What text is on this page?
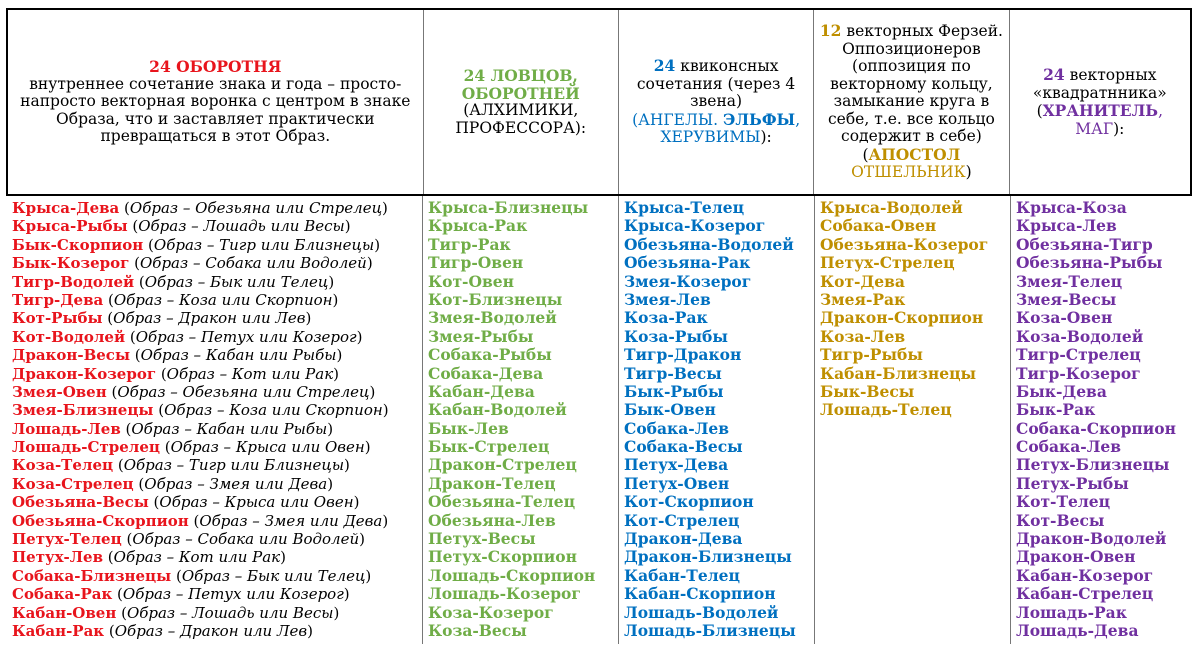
24 ОБОРОТНЯ
внутреннее сочетание знака и года – просто-напросто векторная воронка с центром в знаке Образа, что и заставляет практически превращаться в этот Образ.
24 ЛОВЦОВ, ОБОРОТНЕЙ
(АЛХИМИКИ, ПРОФЕССОРА):
24 квиконсных сочетания (через 4 звена)
(АНГЕЛЫ. ЭЛЬФЫ, ХЕРУВИМЫ):
12 векторных Ферзей. Оппозиционеров (оппозиция по векторному кольцу, замыкание круга в себе, т.е. все кольцо содержит в себе)
(АПОСТОЛ
ОТШЕЛЬНИК)
24 векторных «квадратнника»
(ХРАНИТЕЛЬ, МАГ):
Крыса-Дева (Образ – Обезьяна или Стрелец)
Крыса-Рыбы (Образ – Лошадь или Весы)
Бык-Скорпион (Образ – Тигр или Близнецы)
Бык-Козерог (Образ – Собака или Водолей)
Тигр-Водолей (Образ – Бык или Телец)
Тигр-Дева (Образ – Коза или Скорпион)
Кот-Рыбы (Образ – Дракон или Лев)
Кот-Водолей (Образ – Петух или Козерог)
Дракон-Весы (Образ – Кабан или Рыбы)
Дракон-Козерог (Образ – Кот или Рак)
Змея-Овен (Образ – Обезьяна или Стрелец)
Змея-Близнецы (Образ – Коза или Скорпион)
Лошадь-Лев (Образ – Кабан или Рыбы)
Лошадь-Стрелец (Образ – Крыса или Овен)
Коза-Телец (Образ – Тигр или Близнецы)
Коза-Стрелец (Образ – Змея или Дева)
Обезьяна-Весы (Образ – Крыса или Овен)
Обезьяна-Скорпион (Образ – Змея или Дева)
Петух-Телец (Образ – Собака или Водолей)
Петух-Лев (Образ – Кот или Рак)
Собака-Близнецы (Образ – Бык или Телец)
Собака-Рак (Образ – Петух или Козерог)
Кабан-Овен (Образ – Лошадь или Весы)
Кабан-Рак (Образ – Дракон или Лев)
Крыса-Близнецы
Крыса-Рак
Тигр-Рак
Тигр-Овен
Кот-Овен
Кот-Близнецы
Змея-Водолей
Змея-Рыбы
Собака-Рыбы
Собака-Дева
Кабан-Дева
Кабан-Водолей
Бык-Лев
Бык-Стрелец
Дракон-Стрелец
Дракон-Телец
Обезьяна-Телец
Обезьяна-Лев
Петух-Весы
Петух-Скорпион
Лошадь-Скорпион
Лошадь-Козерог
Коза-Козерог
Коза-Весы
Крыса-Телец
Крыса-Козерог
Обезьяна-Водолей
Обезьяна-Рак
Змея-Козерог
Змея-Лев
Коза-Рак
Коза-Рыбы
Тигр-Дракон
Тигр-Весы
Бык-Рыбы
Бык-Овен
Собака-Лев
Собака-Весы
Петух-Дева
Петух-Овен
Кот-Скорпион
Кот-Стрелец
Дракон-Дева
Дракон-Близнецы
Кабан-Телец
Кабан-Скорпион
Лошадь-Водолей
Лошадь-Близнецы
Крыса-Водолей
Собака-Овен
Обезьяна-Козерог
Петух-Стрелец
Кот-Дева
Змея-Рак
Дракон-Скорпион
Коза-Лев
Тигр-Рыбы
Кабан-Близнецы
Бык-Весы
Лошадь-Телец
Крыса-Коза
Крыса-Лев
Обезьяна-Тигр
Обезьяна-Рыбы
Змея-Телец
Змея-Весы
Коза-Овен
Коза-Водолей
Тигр-Стрелец
Тигр-Козерог
Бык-Дева
Бык-Рак
Собака-Скорпион
Собака-Лев
Петух-Близнецы
Петух-Рыбы
Кот-Телец
Кот-Весы
Дракон-Водолей
Дракон-Овен
Кабан-Козерог
Кабан-Стрелец
Лошадь-Рак
Лошадь-Дева
